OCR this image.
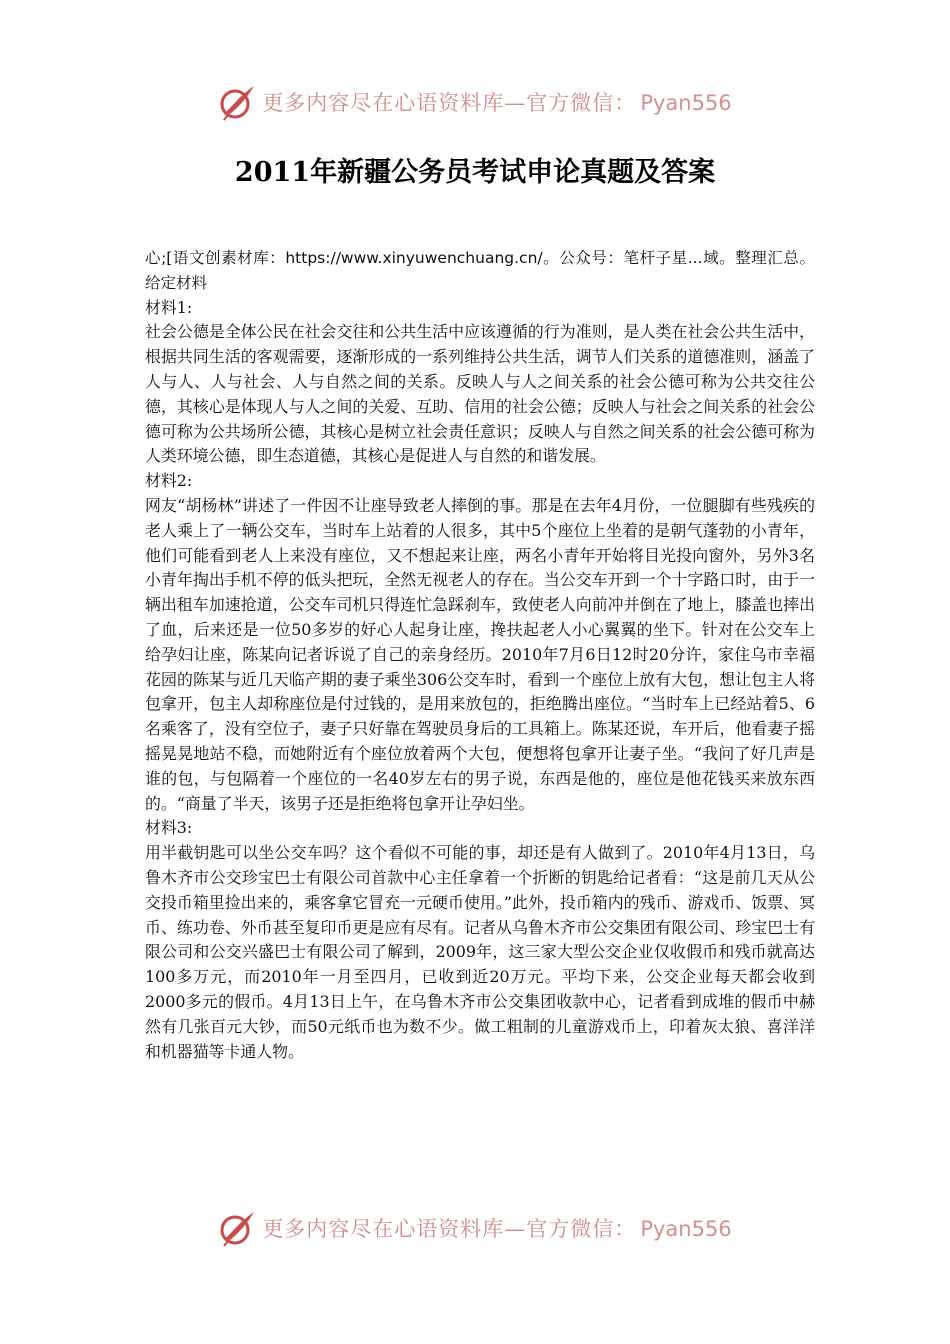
更多内容尽在心语资料库—官方微信： Pyan556
2011年新疆公务员考试申论真题及答案

心;[语文创素材库：https://www.xinyuwenchuang.cn/。公众号：笔杆子星...域。整理汇总。给定材料

材料1:

社会公德是全体公民在社会交往和公共生活中应该遵循的行为准则，是人类在社会公共生活中，根据共同生活的客观需要，逐渐形成的一系列维持公共生活，调节人们关系的道德准则，涵盖了人与人、人与社会、人与自然之间的关系。反映人与人之间关系的社会公德可称为公共交往公德，其核心是体现人与人之间的关爱、互助、信用的社会公德；反映人与社会之间关系的社会公德可称为公共场所公德，其核心是树立社会责任意识；反映人与自然之间关系的社会公德可称为人类环境公德，即生态道德，其核心是促进人与自然的和谐发展。

材料2:

网友“胡杨林”讲述了一件因不让座导致老人摔倒的事。那是在去年4月份，一位腿脚有些残疾的老人乘上了一辆公交车，当时车上站着的人很多，其中5个座位上坐着的是朝气蓬勃的小青年，他们可能看到老人上来没有座位，又不想起来让座，两名小青年开始将目光投向窗外，另外3名小青年掏出手机不停的低头把玩，全然无视老人的存在。当公交车开到一个十字路口时，由于一辆出租车加速抢道，公交车司机只得连忙急踩刹车，致使老人向前冲并倒在了地上，膝盖也摔出了血，后来还是一位50多岁的好心人起身让座，搀扶起老人小心翼翼的坐下。针对在公交车上给孕妇让座，陈某向记者诉说了自己的亲身经历。2010年7月6日12时20分许，家住乌市幸福花园的陈某与近几天临产期的妻子乘坐306公交车时，看到一个座位上放有大包，想让包主人将包拿开，包主人却称座位是付过钱的，是用来放包的，拒绝腾出座位。“当时车上已经站着5、6名乘客了，没有空位子，妻子只好靠在驾驶员身后的工具箱上。陈某还说，车开后，他看妻子摇摇晃晃地站不稳，而她附近有个座位放着两个大包，便想将包拿开让妻子坐。“我问了好几声是谁的包，与包隔着一个座位的一名40岁左右的男子说，东西是他的，座位是他花钱买来放东西的。“商量了半天，该男子还是拒绝将包拿开让孕妇坐。

材料3:

用半截钥匙可以坐公交车吗？这个看似不可能的事，却还是有人做到了。2010年4月13日，乌鲁木齐市公交珍宝巴士有限公司首款中心主任拿着一个折断的钥匙给记者看：“这是前几天从公交投币箱里捡出来的，乘客拿它冒充一元硬币使用。”此外，投币箱内的残币、游戏币、饭票、冥币、练功卷、外币甚至复印币更是应有尽有。记者从乌鲁木齐市公交集团有限公司、珍宝巴士有限公司和公交兴盛巴士有限公司了解到，2009年，这三家大型公交企业仅收假币和残币就高达100多万元，而2010年一月至四月，已收到近20万元。平均下来，公交企业每天都会收到2000多元的假币。4月13日上午，在乌鲁木齐市公交集团收款中心，记者看到成堆的假币中赫然有几张百元大钞，而50元纸币也为数不少。做工粗制的儿童游戏币上，印着灰太狼、喜洋洋和机器猫等卡通人物。

更多内容尽在心语资料库—官方微信： Pyan556
